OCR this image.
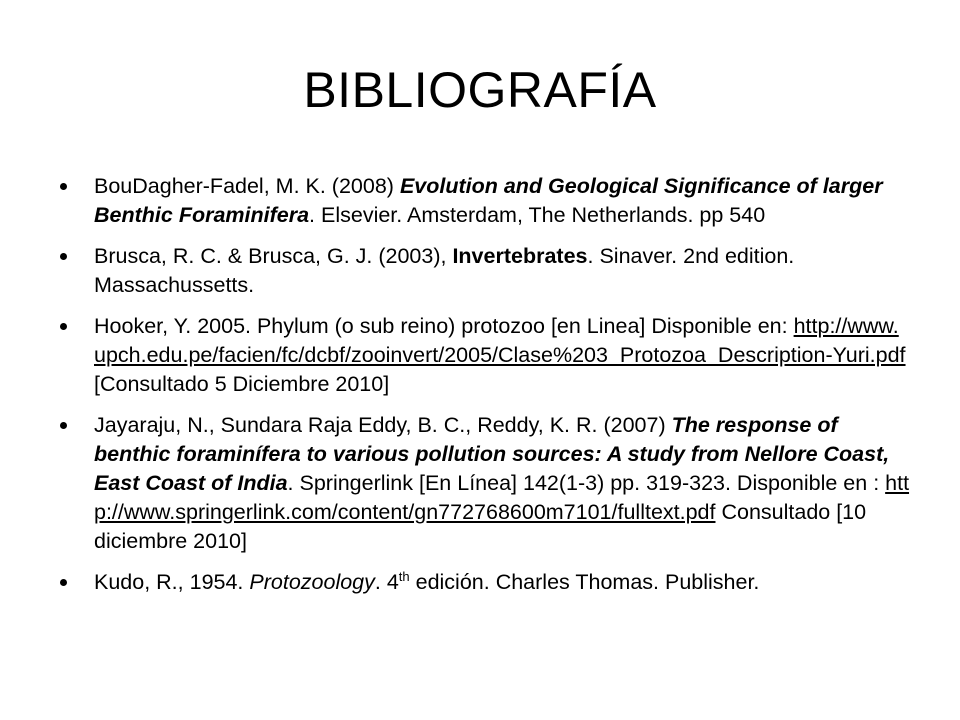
BIBLIOGRAFÍA
BouDagher-Fadel, M. K. (2008) Evolution and Geological Significance of larger Benthic Foraminifera. Elsevier. Amsterdam, The Netherlands. pp 540
Brusca, R. C. & Brusca, G. J. (2003), Invertebrates. Sinaver. 2nd edition. Massachussetts.
Hooker, Y. 2005. Phylum (o sub reino) protozoo [en Linea] Disponible en: http://www.upch.edu.pe/facien/fc/dcbf/zooinvert/2005/Clase%203_Protozoa_Description-Yuri.pdf [Consultado 5 Diciembre 2010]
Jayaraju, N., Sundara Raja Eddy, B. C., Reddy, K. R. (2007) The response of benthic foraminífera to various pollution sources: A study from Nellore Coast, East Coast of India. Springerlink [En Línea] 142(1-3) pp. 319-323. Disponible en : http://www.springerlink.com/content/gn772768600m7101/fulltext.pdf Consultado [10 diciembre 2010]
Kudo, R., 1954. Protozoology. 4th edición. Charles Thomas. Publisher.
